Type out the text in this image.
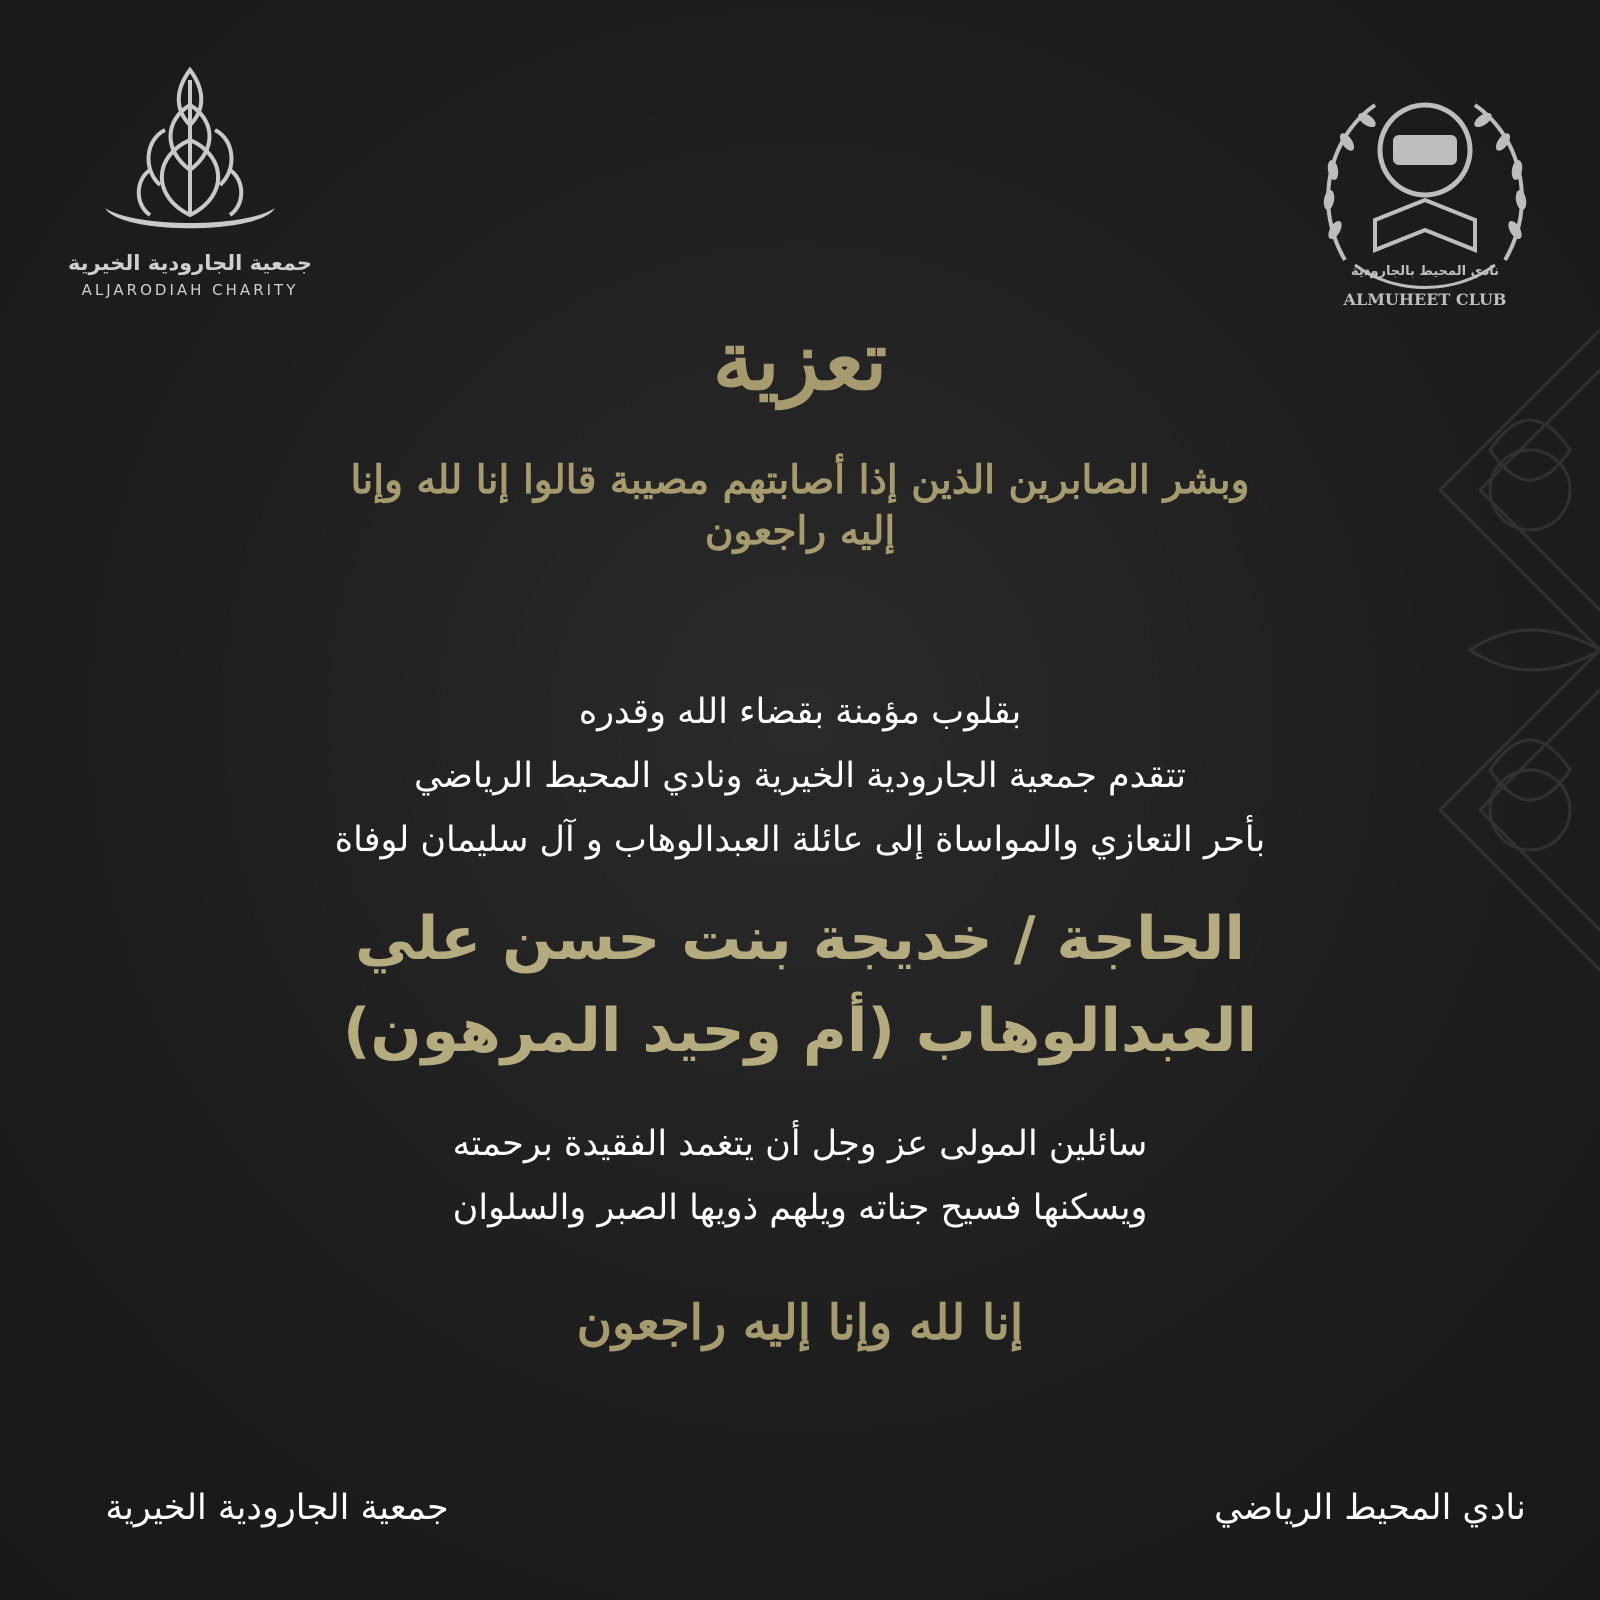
جمعية الجارودية الخيرية
ALJARODIAH CHARITY
نادي المحيط بالجارودية
ALMUHEET CLUB
تعزية
وبشر الصابرين الذين إذا أصابتهم مصيبة قالوا إنا لله وإنا إليه راجعون
بقلوب مؤمنة بقضاء الله وقدره
تتقدم جمعية الجارودية الخيرية ونادي المحيط الرياضي
بأحر التعازي والمواساة إلى عائلة العبدالوهاب و آل سليمان لوفاة
الحاجة / خديجة بنت حسن علي
العبدالوهاب (أم وحيد المرهون)
سائلين المولى عز وجل أن يتغمد الفقيدة برحمته
ويسكنها فسيح جناته ويلهم ذويها الصبر والسلوان
إنا لله وإنا إليه راجعون
جمعية الجارودية الخيرية	نادي المحيط الرياضي
